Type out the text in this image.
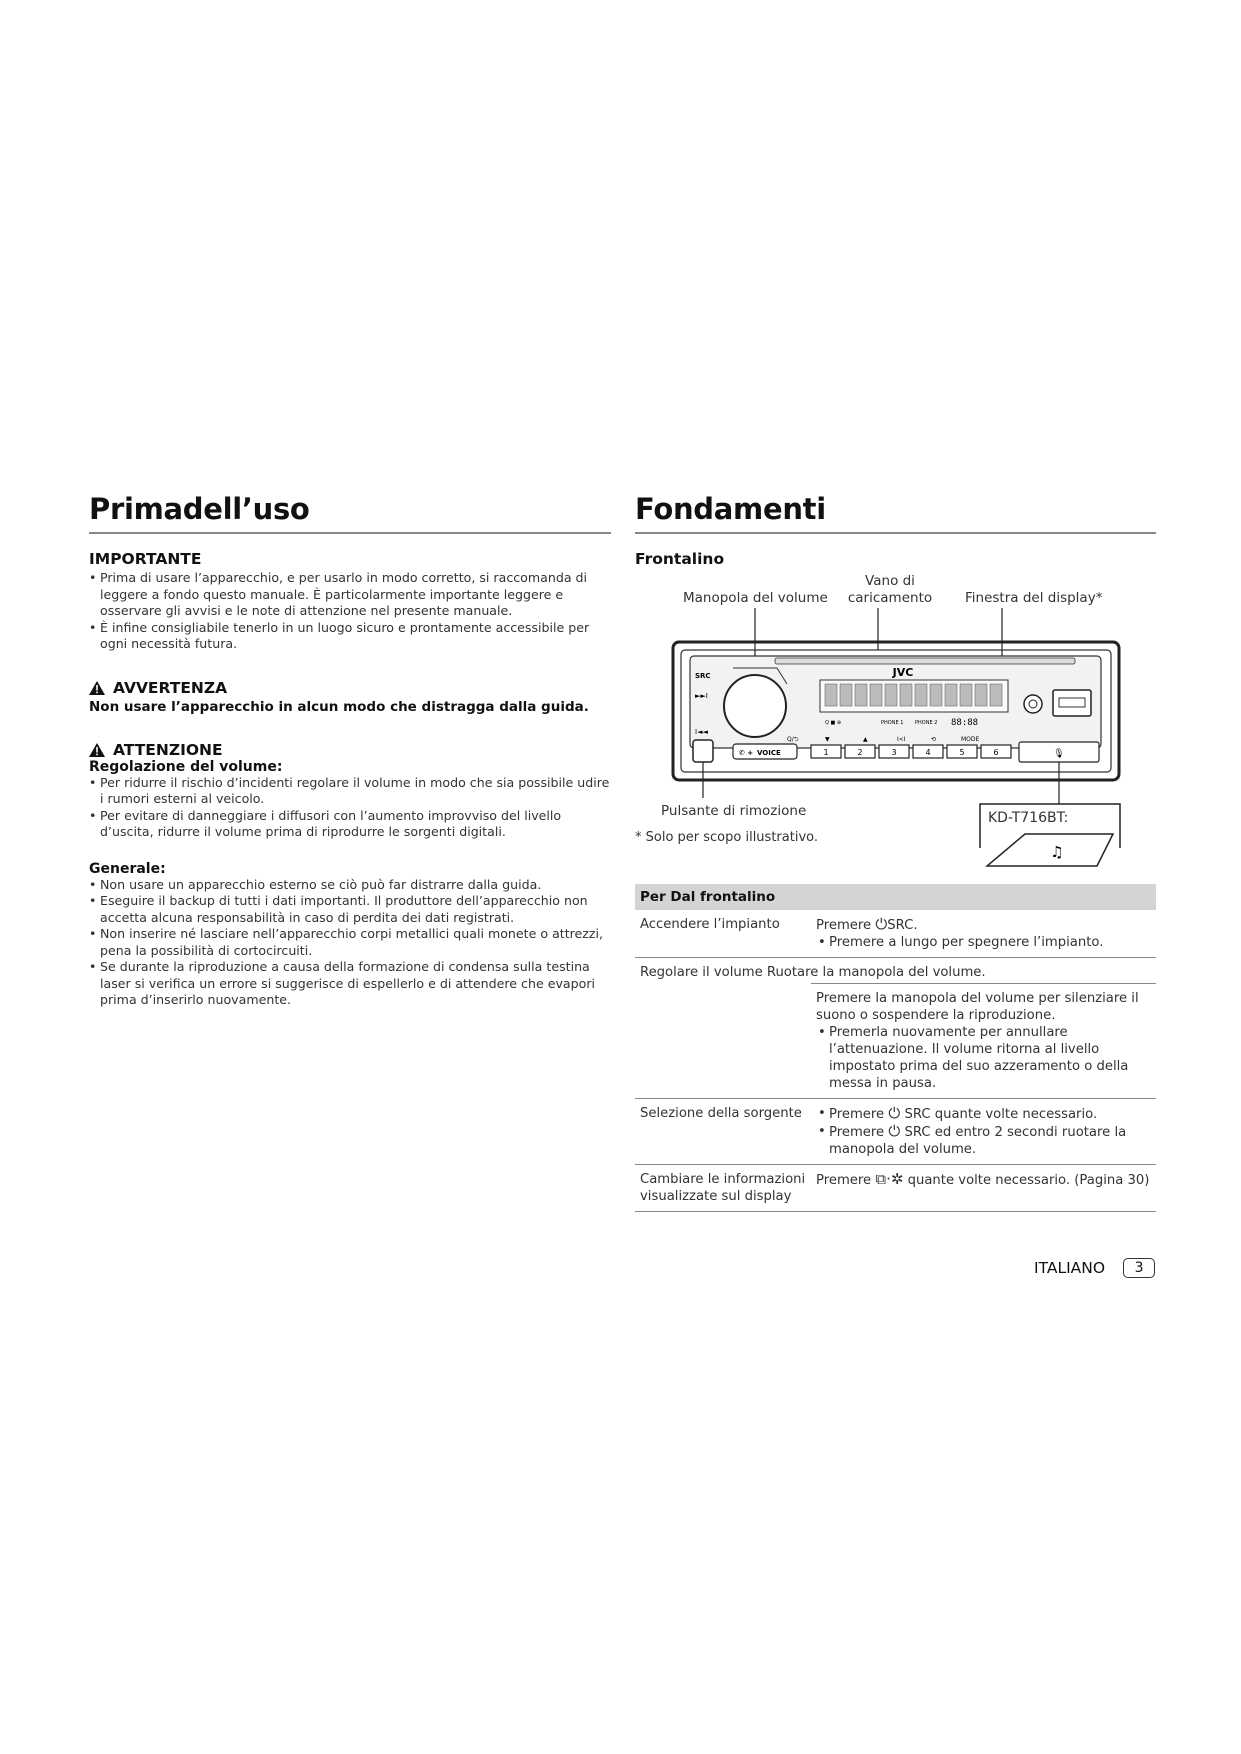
Primadell’uso
IMPORTANTE
• Prima di usare l’apparecchio, e per usarlo in modo corretto, si raccomanda di leggere a fondo questo manuale. È particolarmente importante leggere e osservare gli avvisi e le note di attenzione nel presente manuale.
• È infine consigliabile tenerlo in un luogo sicuro e prontamente accessibile per ogni necessità futura.
AVVERTENZA
Non usare l’apparecchio in alcun modo che distragga dalla guida.
ATTENZIONE
Regolazione del volume:
• Per ridurre il rischio d’incidenti regolare il volume in modo che sia possibile udire i rumori esterni al veicolo.
• Per evitare di danneggiare i diffusori con l’aumento improvviso del livello d’uscita, ridurre il volume prima di riprodurre le sorgenti digitali.
Generale:
• Non usare un apparecchio esterno se ciò può far distrarre dalla guida.
• Eseguire il backup di tutti i dati importanti. Il produttore dell’apparecchio non accetta alcuna responsabilità in caso di perdita dei dati registrati.
• Non inserire né lasciare nell’apparecchio corpi metallici quali monete o attrezzi, pena la possibilità di cortocircuiti.
• Se durante la riproduzione a causa della formazione di condensa sulla testina laser si verifica un errore si suggerisce di espellerlo e di attendere che evapori prima d’inserirlo nuovamente.
Fondamenti
Frontalino
Manopola del volume
Vano di
caricamento Finestra del display*
SRC
►►I
I◄◄
JVC
Q ■ ⊕	PHONE 1 PHONE 2 88:88
Q/⮌	▼	▲	I<I	⟲	MODE
1	2	3	4	5	6
✆ + VOICE	🎙
Pulsante di rimozione	KD-T716BT:
♫
* Solo per scopo illustrativo.
Per Dal frontalino
Accendere l’impianto	Premere ⏻SRC.
• Premere a lungo per spegnere l’impianto.
Regolare il volume Ruotare la manopola del volume.
Premere la manopola del volume per silenziare il suono o sospendere la riproduzione.
• Premerla nuovamente per annullare l’attenuazione. Il volume ritorna al livello impostato prima del suo azzeramento o della messa in pausa.
Selezione della sorgente
•	Premere ⏻ SRC quante volte necessario.
• Premere ⏻ SRC ed entro 2 secondi ruotare la manopola del volume.
Cambiare le informazioni visualizzate sul display
Premere ⧉·✲ quante volte necessario. (Pagina 30)
ITALIANO	3
